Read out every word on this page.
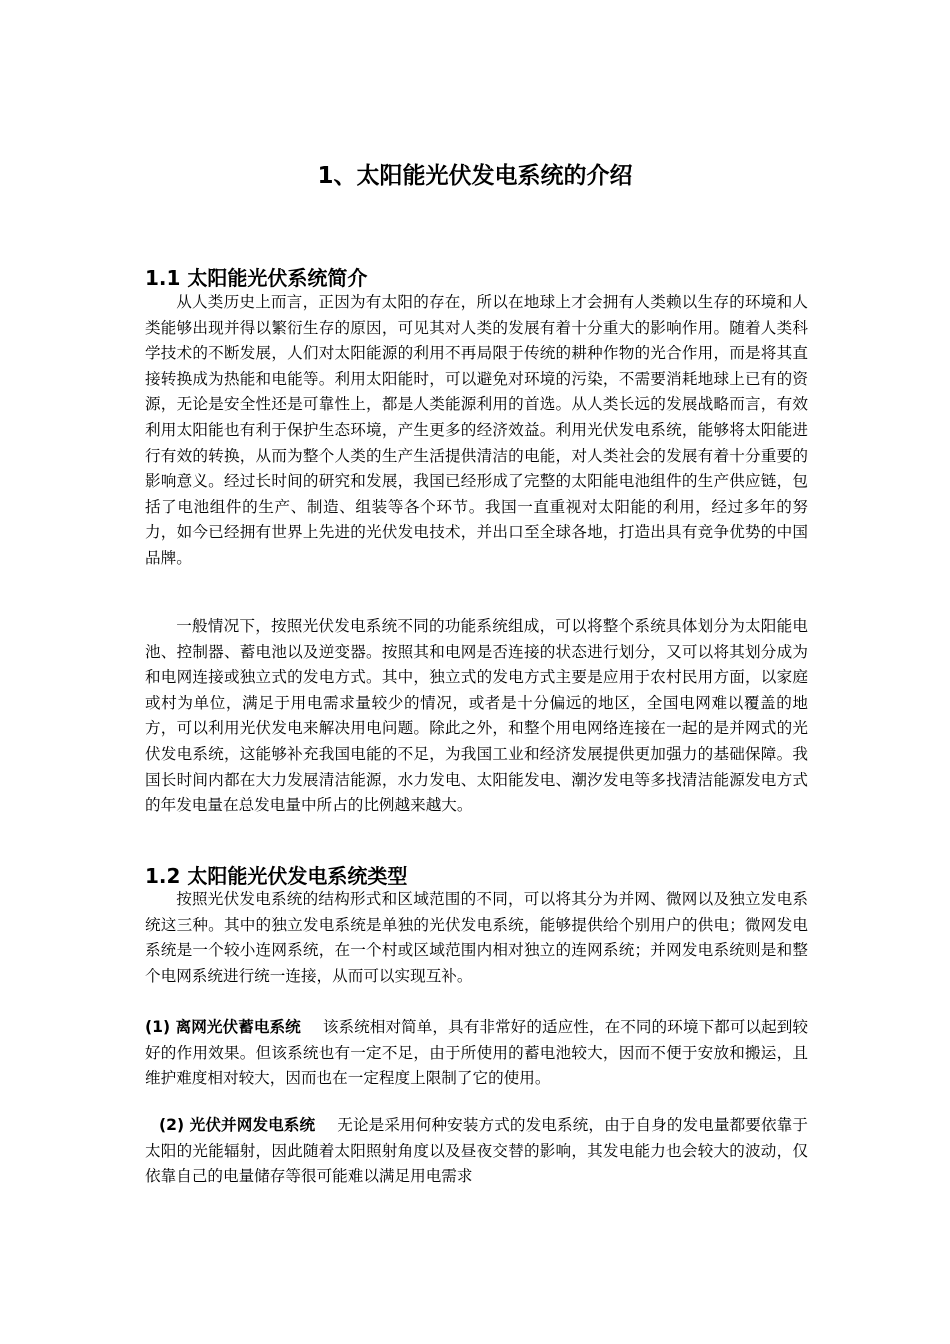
1、太阳能光伏发电系统的介绍
1.1 太阳能光伏系统简介

从人类历史上而言，正因为有太阳的存在，所以在地球上才会拥有人类赖以生存的环境和人类能够出现并得以繁衍生存的原因，可见其对人类的发展有着十分重大的影响作用。随着人类科学技术的不断发展，人们对太阳能源的利用不再局限于传统的耕种作物的光合作用，而是将其直接转换成为热能和电能等。利用太阳能时，可以避免对环境的污染，不需要消耗地球上已有的资源，无论是安全性还是可靠性上，都是人类能源利用的首选。从人类长远的发展战略而言，有效利用太阳能也有利于保护生态环境，产生更多的经济效益。利用光伏发电系统，能够将太阳能进行有效的转换，从而为整个人类的生产生活提供清洁的电能，对人类社会的发展有着十分重要的影响意义。经过长时间的研究和发展，我国已经形成了完整的太阳能电池组件的生产供应链，包括了电池组件的生产、制造、组装等各个环节。我国一直重视对太阳能的利用，经过多年的努力，如今已经拥有世界上先进的光伏发电技术，并出口至全球各地，打造出具有竞争优势的中国品牌。

一般情况下，按照光伏发电系统不同的功能系统组成，可以将整个系统具体划分为太阳能电池、控制器、蓄电池以及逆变器。按照其和电网是否连接的状态进行划分，又可以将其划分成为和电网连接或独立式的发电方式。其中，独立式的发电方式主要是应用于农村民用方面，以家庭或村为单位，满足于用电需求量较少的情况，或者是十分偏远的地区，全国电网难以覆盖的地方，可以利用光伏发电来解决用电问题。除此之外，和整个用电网络连接在一起的是并网式的光伏发电系统，这能够补充我国电能的不足，为我国工业和经济发展提供更加强力的基础保障。我国长时间内都在大力发展清洁能源，水力发电、太阳能发电、潮汐发电等多找清洁能源发电方式的年发电量在总发电量中所占的比例越来越大。

1.2 太阳能光伏发电系统类型

按照光伏发电系统的结构形式和区域范围的不同，可以将其分为并网、微网以及独立发电系统这三种。其中的独立发电系统是单独的光伏发电系统，能够提供给个别用户的供电；微网发电系统是一个较小连网系统，在一个村或区域范围内相对独立的连网系统；并网发电系统则是和整个电网系统进行统一连接，从而可以实现互补。

(1) 离网光伏蓄电系统 该系统相对简单，具有非常好的适应性，在不同的环境下都可以起到较好的作用效果。但该系统也有一定不足，由于所使用的蓄电池较大，因而不便于安放和搬运，且维护难度相对较大，因而也在一定程度上限制了它的使用。

(2) 光伏并网发电系统 无论是采用何种安装方式的发电系统，由于自身的发电量都要依靠于太阳的光能辐射，因此随着太阳照射角度以及昼夜交替的影响，其发电能力也会较大的波动，仅依靠自己的电量储存等很可能难以满足用电需求
